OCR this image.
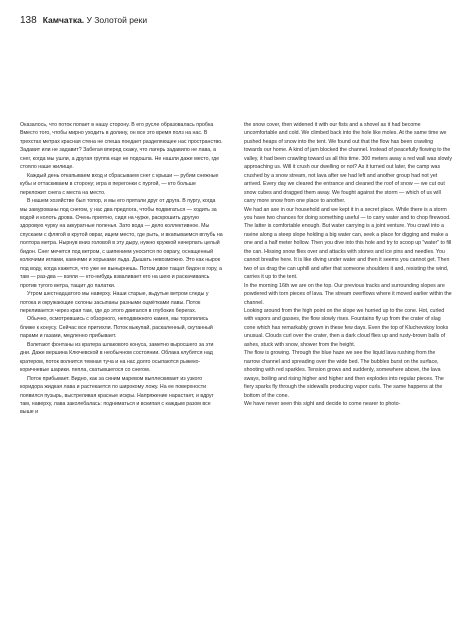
138 Камчатка. У Золотой реки

Оказалось, что поток попает в нашу сторону. В его русле образовалась пробка Вместо того, чтобы мирно уходить в долину, он все это время полз на нас. В трехстах метрах красная стена не спеша поедает разделяющее нас пространство. Задавит или не задавит? Забегая вперед скажу, что лагерь задавило не лава, а снег, когда мы ушли, а другая группа еще не подошла. Не нашли даже место, где стояло наше жилище.

Каждый день откапываем вход и сбрасываем снег с крыши — рубим снежные кубы и оттаскиваем в сторону; игра в перегонки с пургой, — кто больше переложит снега с места на место.

В нашем хозяйстве был топор, и мы его прятали друг от друга. В пургу, когда мы замурованы под снегом, у нас два предлога, чтобы подвигаться — ходить за водой и колоть дрова. Очень приятно, сидя на чурке, раскрошить другую здоровую чурку на аккуратные поленья. Зато вода — дело коллективное. Мы спускаем с флягой в крутой овраг, ищем место, где рыть, и вкапываемся вглубь на полтора метра. Нырнув вниз головой в эту дыру, нужно кружкой начерпать целый бидон. Снег мечется под ветром, с шипением уносится по оврагу, оснащенный колючими иглами, камнями и хорьками льда. Дышать невозможно. Это как нырок под воду, когда кажется, что уже не вынырнешь. Потом двое тащат бидон в гору, а там — раз-два — взяли — кто-нибудь взваливает его на шею и раскачиваясь против тугого ветра, тащит до палатки.

Утром шестнадцатого мы наверху. Наши старые, вьдутые ветром следы у потока и окружающие склоны засыпаны разными оцмётками лавы. Поток переливается через края там, где до этого двигался в глубоких берегах.

Обычно, осмотревшись с обзорного, неподвижного камня, мы торопились ближе к конусу. Сейчас все притихли. Поток выкупай, раскаленный, скутанный парами и газами, медленно прибывает.

Взлетают фонтаны из кратера шлакового конуса, заметно выросшего за эти дни. Даже вершина Ключевской в необычном состоянии. Облака клубятся над кратером, поток волнится темная туча и на нас долго осыпаются рыжеко-коричневые шарики. пепла, скатывшегося со снегом.

Поток прибывает. Видно, как за синим маревом выплескивает из узкого коридора жидкая лава и растекается по широкому ложу. На ее поверхности появился пузырь, выстреливая красные искры. Напряжение нарастает, и вдруг там, наверху, лава заколебалась: подниматься и вскипая с каждым разом все выше и

the snow cover, then widened it with our fists and a shovel as it had become uncomfortable and cold. We climbed back into the hole like moles. At the same time we pushed heaps of snow into the tent. We found out that the flow has been crawling towards our home. A kind of jam blocked the channel. Instead of peacefully flowing to the valley, it had been crawling toward us all this time. 300 meters away a red wall was slowly approaching us. Will it crush our dwelling or not? As it turned out later, the camp was crushed by a snow stream, not lava after we had left and another group had not yet arrived. Every day we cleared the entrance and cleaned the roof of snow — we cut out snow cubes and dragged them away. We fought against the storm — which of us will carry more snow from one place to another.

We had an axe in our household and we kept it in a secret place. While there is a storm you have two chances for doing something useful — to carry water and to chop firewood. The latter is comfortable enough. But water carrying is a joint venture. You crawl into a ravine along a steep slope holding a big water can, seek a place for digging and make a one and a half meter hollow. Then you dive into this hole and try to scoop up "water" to fill the can. Hissing snow flies over and attacks with stones and ice pins and needles. You cannot breathe here. It is like diving under water and then it seems you cannot get. Then two of us drag the can uphill and after that someone shoulders it and, resisting the wind, carries it up to the tent.

In the morning 16th we are on the top. Our previous tracks and surrounding slopes are powdered with torn pieces of lava. The stream overflows where it moved earlier within the channel.

Looking around from the high point on the slope we hurried up to the cone. Hot, curled with vapors and gasses, the flow slowly rises. Fountains fly up from the crater of slag cone which has remarkably grown in these few days. Even the top of Kluchevskoy looks unusual. Clouds curl over the crater, then a dark cloud flies up and rusty-brown balls of ashes, stuck with snow, shower from the height.

The flow is growing. Through the blue haze we see the liquid lava rushing from the narrow channel and spreading over the wide bed. The bubbles burst on the surface, shooting with red sparkles. Tension grows and suddenly, somewhere above, the lava sways, boiling and rising higher and higher and then explodes into regular pieces. The fiery sparks fly through the sidewalls producing vapor curls. The same happens at the bottom of the cone.

We have never seen this sight and decide to come nearer to photo-
